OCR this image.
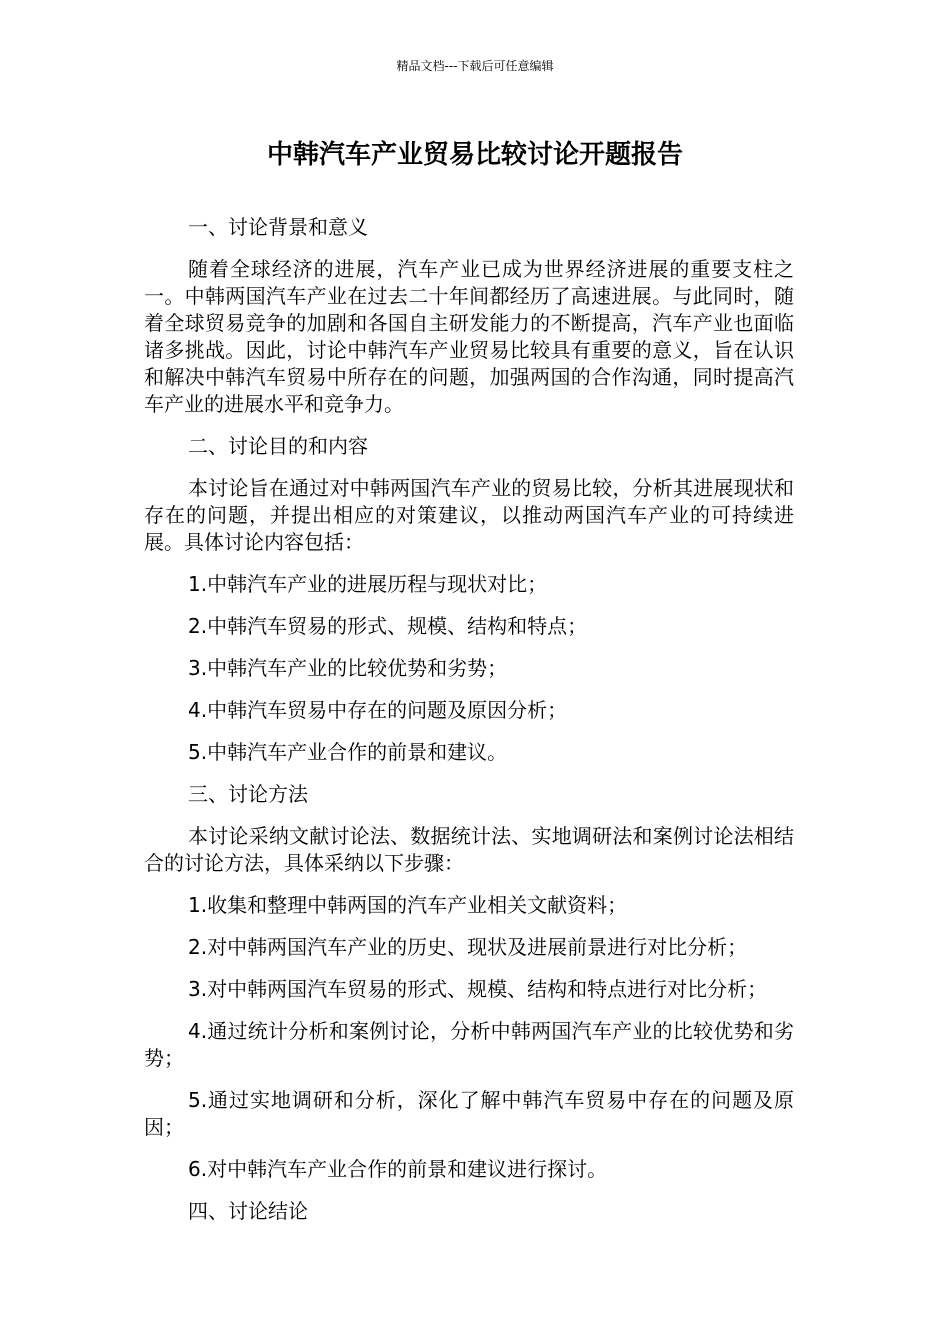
精品文档---下载后可任意编辑
中韩汽车产业贸易比较讨论开题报告

一、讨论背景和意义

随着全球经济的进展，汽车产业已成为世界经济进展的重要支柱之一。中韩两国汽车产业在过去二十年间都经历了高速进展。与此同时，随着全球贸易竞争的加剧和各国自主研发能力的不断提高，汽车产业也面临诸多挑战。因此，讨论中韩汽车产业贸易比较具有重要的意义，旨在认识和解决中韩汽车贸易中所存在的问题，加强两国的合作沟通，同时提高汽车产业的进展水平和竞争力。

二、讨论目的和内容

本讨论旨在通过对中韩两国汽车产业的贸易比较，分析其进展现状和存在的问题，并提出相应的对策建议，以推动两国汽车产业的可持续进展。具体讨论内容包括：

1.中韩汽车产业的进展历程与现状对比；

2.中韩汽车贸易的形式、规模、结构和特点；

3.中韩汽车产业的比较优势和劣势；

4.中韩汽车贸易中存在的问题及原因分析；

5.中韩汽车产业合作的前景和建议。

三、讨论方法

本讨论采纳文献讨论法、数据统计法、实地调研法和案例讨论法相结合的讨论方法，具体采纳以下步骤：

1.收集和整理中韩两国的汽车产业相关文献资料；

2.对中韩两国汽车产业的历史、现状及进展前景进行对比分析；

3.对中韩两国汽车贸易的形式、规模、结构和特点进行对比分析；

4.通过统计分析和案例讨论，分析中韩两国汽车产业的比较优势和劣势；

5.通过实地调研和分析，深化了解中韩汽车贸易中存在的问题及原因；

6.对中韩汽车产业合作的前景和建议进行探讨。

四、讨论结论
